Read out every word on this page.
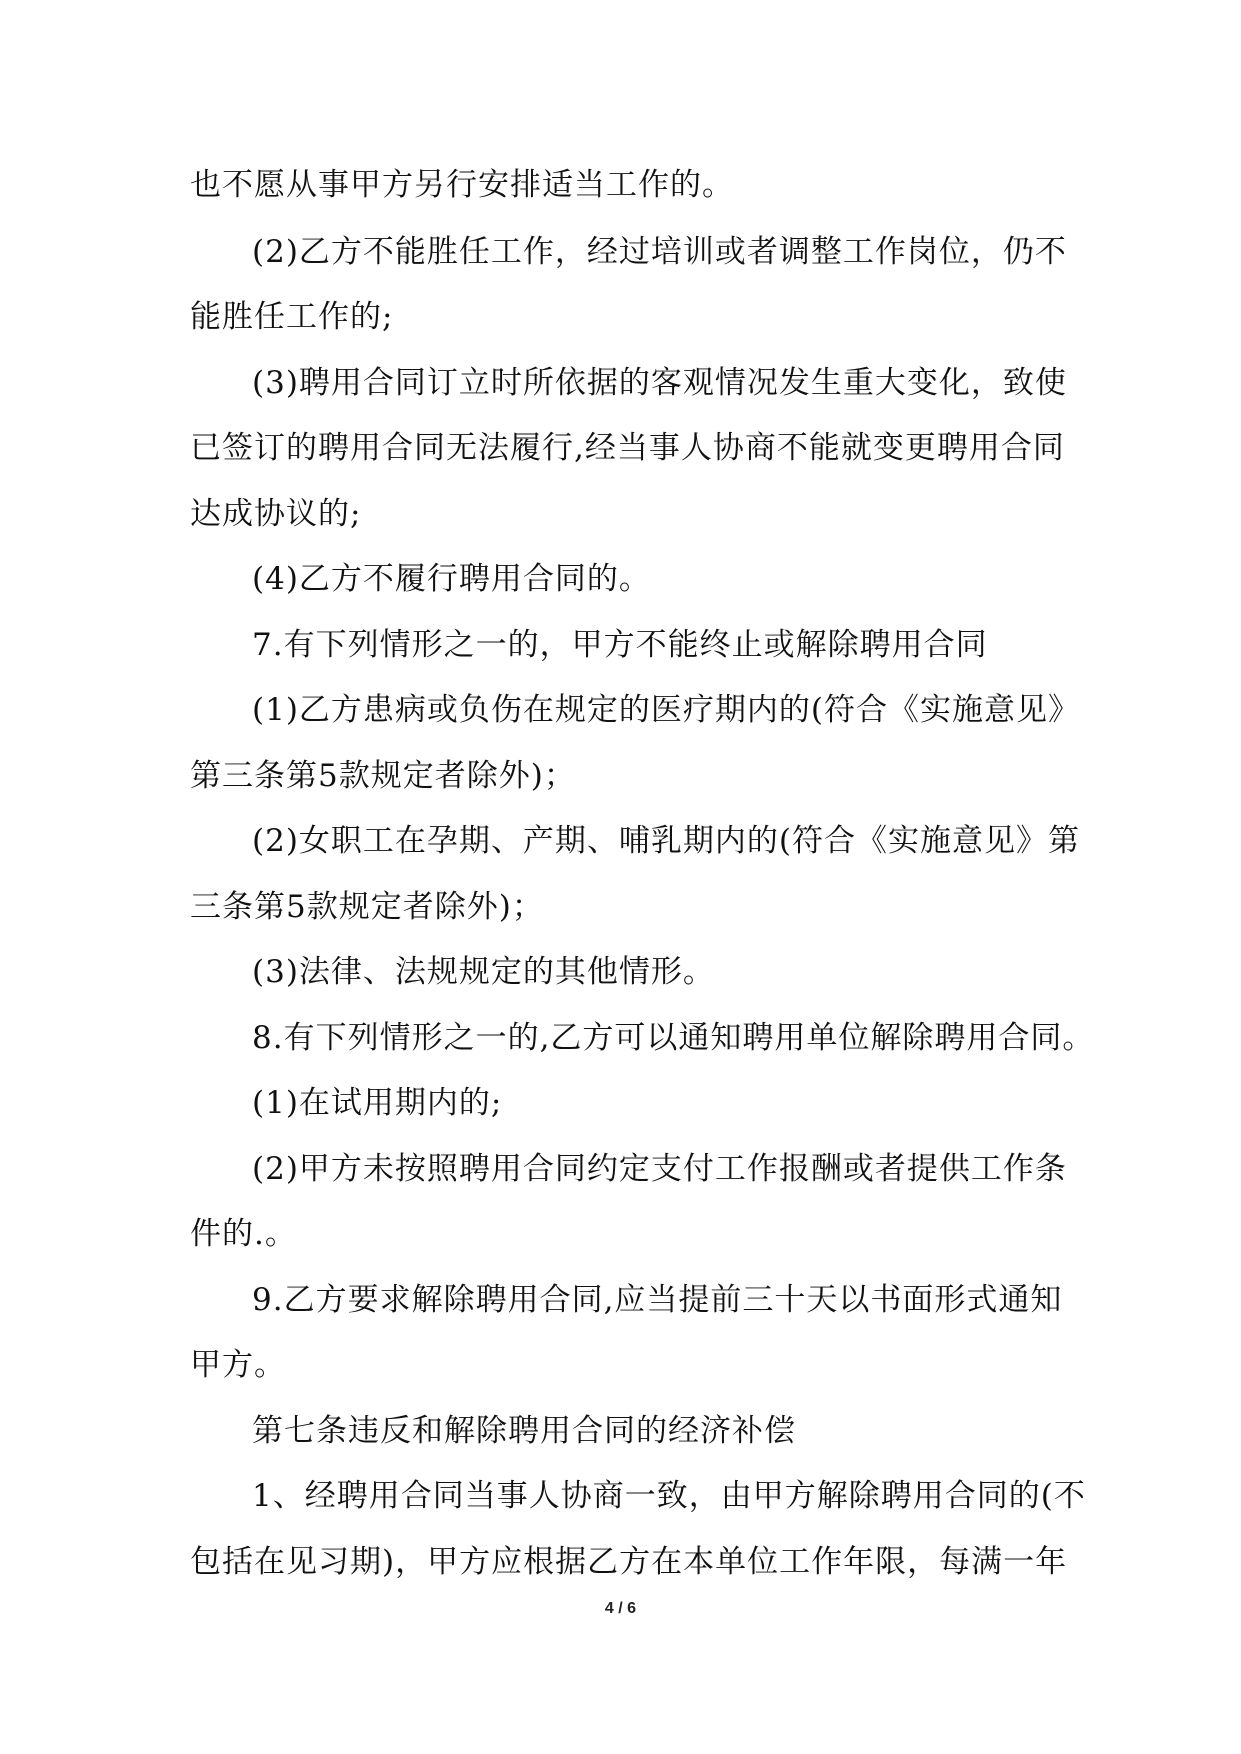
也不愿从事甲方另行安排适当工作的。
(2)乙方不能胜任工作，经过培训或者调整工作岗位，仍不
能胜任工作的;
(3)聘用合同订立时所依据的客观情况发生重大变化，致使
已签订的聘用合同无法履行,经当事人协商不能就变更聘用合同
达成协议的;
(4)乙方不履行聘用合同的。
7.有下列情形之一的，甲方不能终止或解除聘用合同
(1)乙方患病或负伤在规定的医疗期内的(符合《实施意见》
第三条第5款规定者除外)；
(2)女职工在孕期、产期、哺乳期内的(符合《实施意见》第
三条第5款规定者除外)；
(3)法律、法规规定的其他情形。
8.有下列情形之一的,乙方可以通知聘用单位解除聘用合同。
(1)在试用期内的;
(2)甲方未按照聘用合同约定支付工作报酬或者提供工作条
件的.。
9.乙方要求解除聘用合同,应当提前三十天以书面形式通知
甲方。
第七条违反和解除聘用合同的经济补偿
1、经聘用合同当事人协商一致，由甲方解除聘用合同的(不
包括在见习期)，甲方应根据乙方在本单位工作年限，每满一年
4 / 6
